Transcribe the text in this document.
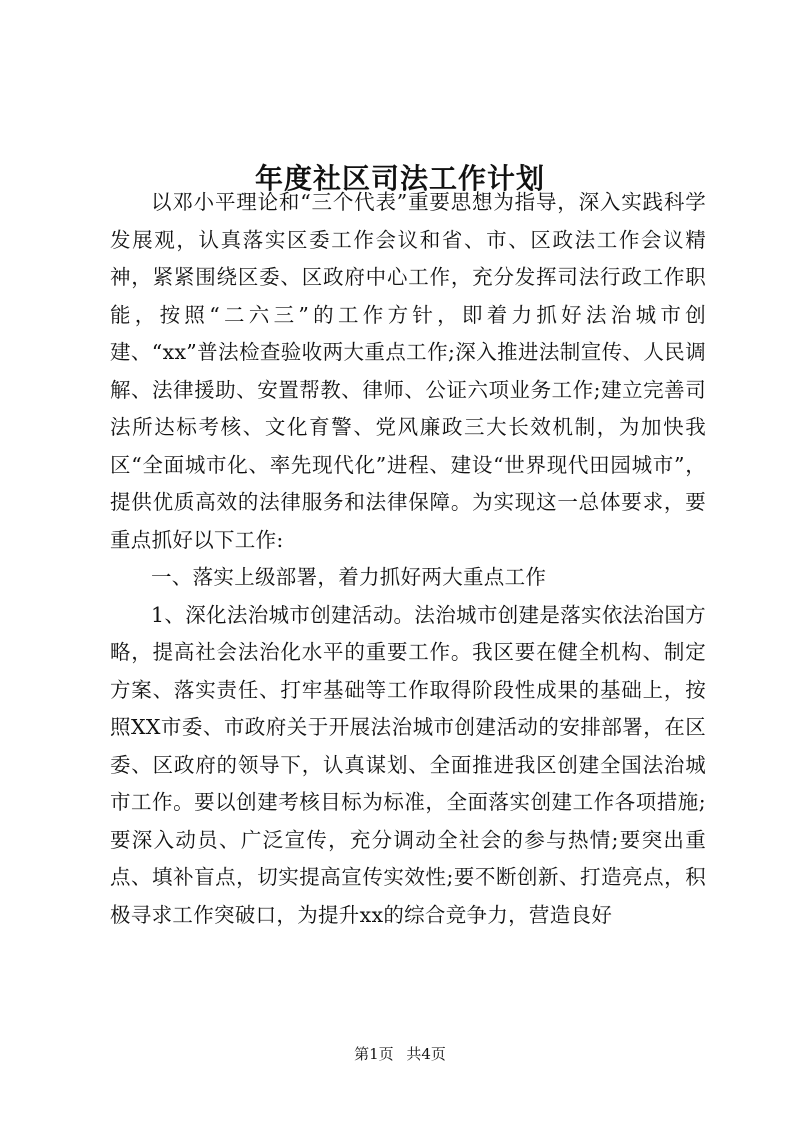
年度社区司法工作计划

以邓小平理论和“三个代表”重要思想为指导，深入实践科学发展观，认真落实区委工作会议和省、市、区政法工作会议精神，紧紧围绕区委、区政府中心工作，充分发挥司法行政工作职能，按照“二六三”的工作方针，即着力抓好法治城市创建、“xx”普法检查验收两大重点工作;深入推进法制宣传、人民调解、法律援助、安置帮教、律师、公证六项业务工作;建立完善司法所达标考核、文化育警、党风廉政三大长效机制，为加快我区“全面城市化、率先现代化”进程、建设“世界现代田园城市”，提供优质高效的法律服务和法律保障。为实现这一总体要求，要重点抓好以下工作:

一、落实上级部署，着力抓好两大重点工作

1、深化法治城市创建活动。法治城市创建是落实依法治国方略，提高社会法治化水平的重要工作。我区要在健全机构、制定方案、落实责任、打牢基础等工作取得阶段性成果的基础上，按照XX市委、市政府关于开展法治城市创建活动的安排部署，在区委、区政府的领导下，认真谋划、全面推进我区创建全国法治城市工作。要以创建考核目标为标准，全面落实创建工作各项措施;要深入动员、广泛宣传，充分调动全社会的参与热情;要突出重点、填补盲点，切实提高宣传实效性;要不断创新、打造亮点，积极寻求工作突破口，为提升xx的综合竞争力，营造良好

第1页 共4页
